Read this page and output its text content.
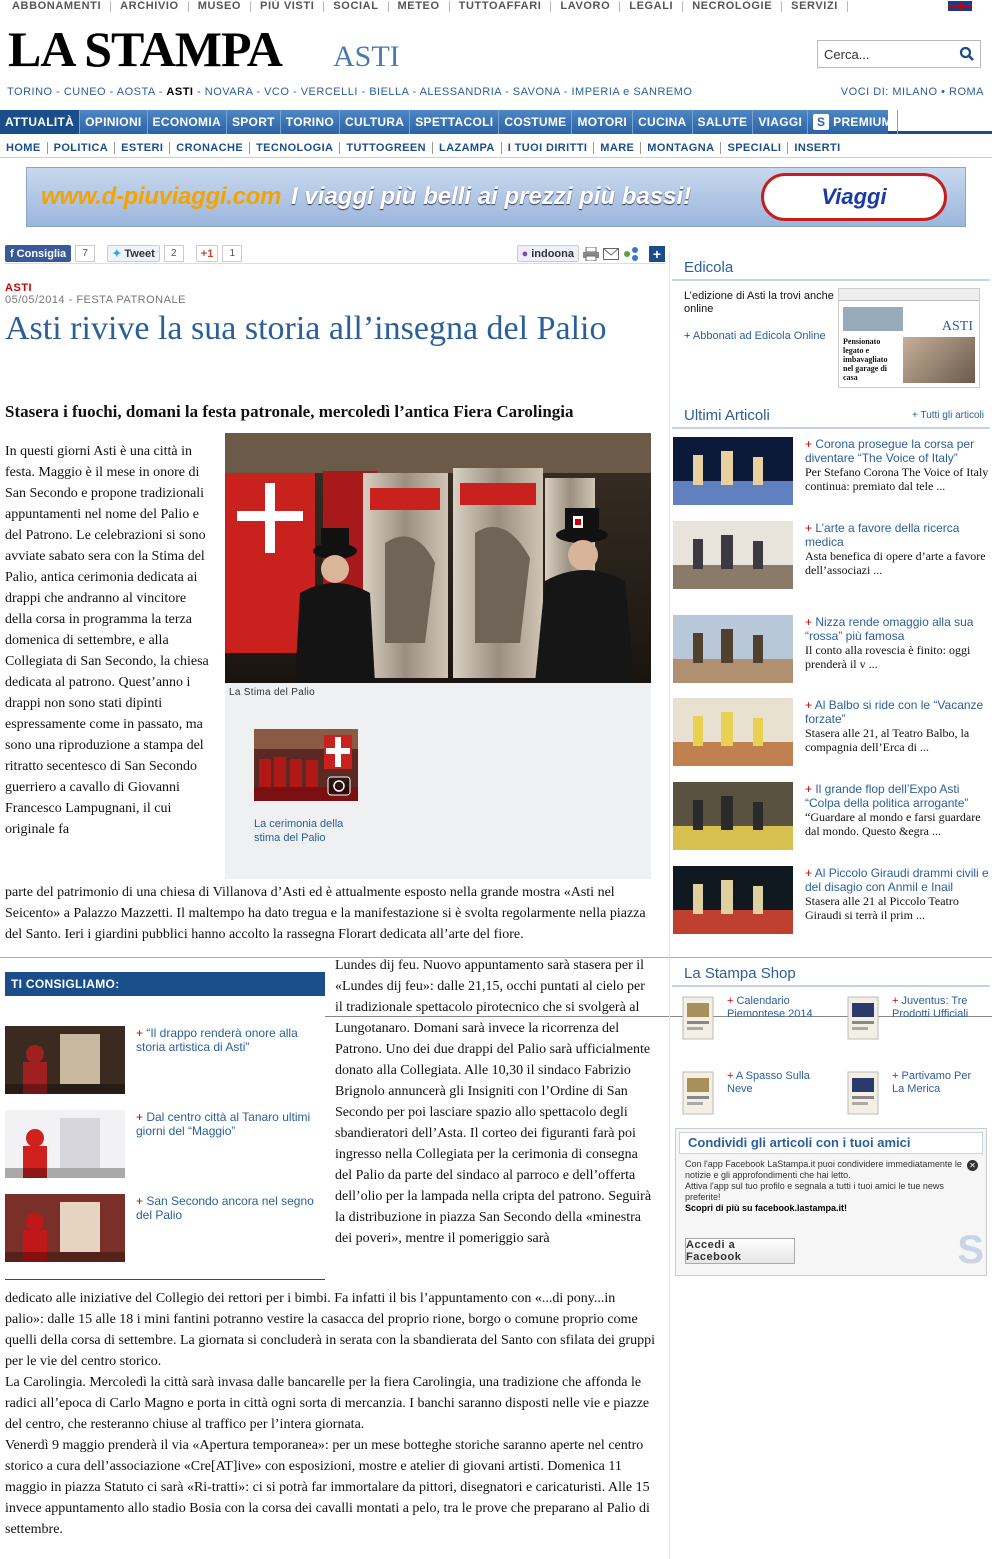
ABBONAMENTI	ARCHIVIO	MUSEO	PIÙ VISTI	SOCIAL	METEO	TUTTOAFFARI	LAVORO	LEGALI	NECROLOGIE	SERVIZI
LA STAMPA ASTI	Cerca...
TORINO - CUNEO - AOSTA - ASTI - NOVARA - VCO - VERCELLI - BIELLA - ALESSANDRIA - SAVONA - IMPERIA e SANREMO	VOCI DI: MILANO • ROMA
ATTUALITÀ OPINIONI ECONOMIA SPORT TORINO CULTURA SPETTACOLI COSTUME MOTORI CUCINA SALUTE VIAGGI	S PREMIUM
HOME	POLITICA	ESTERI	CRONACHE	TECNOLOGIA	TUTTOGREEN	LAZAMPA	I TUOI DIRITTI	MARE	MONTAGNA	SPECIALI	INSERTI
www.d-piuviaggi.com I viaggi più belli ai prezzi più bassi!	Viaggi
f Consiglia	7	✦ Tweet	2	+1	1	● indoona	+
ASTI
05/05/2014 - FESTA PATRONALE
Asti rivive la sua storia all’insegna del Palio
Stasera i fuochi, domani la festa patronale, mercoledì l’antica Fiera Carolingia
In questi giorni Asti è una città in festa. Maggio è il mese in onore di San Secondo e propone tradizionali appuntamenti nel nome del Palio e del Patrono. Le celebrazioni si sono avviate sabato sera con la Stima del Palio, antica cerimonia dedicata ai drappi che andranno al vincitore della corsa in programma la terza domenica di settembre, e alla Collegiata di San Secondo, la chiesa dedicata al patrono. Quest’anno i drappi non sono stati dipinti espressamente come in passato, ma sono una riproduzione a stampa del ritratto secentesco di San Secondo guerriero a cavallo di Giovanni Francesco Lampugnani, il cui originale fa
La Stima del Palio
La cerimonia della stima del Palio
parte del patrimonio di una chiesa di Villanova d’Asti ed è attualmente esposto nella grande mostra «Asti nel Seicento» a Palazzo Mazzetti. Il maltempo ha dato tregua e la manifestazione si è svolta regolarmente nella piazza del Santo. Ieri i giardini pubblici hanno accolto la rassegna Florart dedicata all’arte del fiore.
TI CONSIGLIAMO:
+ “Il drappo renderà onore alla storia artistica di Asti”
+ Dal centro città al Tanaro ultimi giorni del “Maggio”
+ San Secondo ancora nel segno del Palio
Lundes dij feu. Nuovo appuntamento sarà stasera per il «Lundes dij feu»: dalle 21,15, occhi puntati al cielo per il tradizionale spettacolo pirotecnico che si svolgerà al Lungotanaro. Domani sarà invece la ricorrenza del Patrono. Uno dei due drappi del Palio sarà ufficialmente donato alla Collegiata. Alle 10,30 il sindaco Fabrizio Brignolo annuncerà gli Insigniti con l’Ordine di San Secondo per poi lasciare spazio allo spettacolo degli sbandieratori dell’Asta. Il corteo dei figuranti farà poi ingresso nella Collegiata per la cerimonia di consegna del Palio da parte del sindaco al parroco e dell’offerta dell’olio per la lampada nella cripta del patrono. Seguirà la distribuzione in piazza San Secondo della «minestra dei poveri», mentre il pomeriggio sarà
dedicato alle iniziative del Collegio dei rettori per i bimbi. Fa infatti il bis l’appuntamento con «...di pony...in palio»: dalle 15 alle 18 i mini fantini potranno vestire la casacca del proprio rione, borgo o comune proprio come quelli della corsa di settembre. La giornata si concluderà in serata con la sbandierata del Santo con sfilata dei gruppi per le vie del centro storico.
La Carolingia. Mercoledì la città sarà invasa dalle bancarelle per la fiera Carolingia, una tradizione che affonda le radici all’epoca di Carlo Magno e porta in città ogni sorta di mercanzia. I banchi saranno disposti nelle vie e piazze del centro, che resteranno chiuse al traffico per l’intera giornata.
Venerdì 9 maggio prenderà il via «Apertura temporanea»: per un mese botteghe storiche saranno aperte nel centro storico a cura dell’associazione «Cre[AT]ive» con esposizioni, mostre e atelier di giovani artisti. Domenica 11 maggio in piazza Statuto ci sarà «Ri-tratti»: ci si potrà far immortalare da pittori, disegnatori e caricaturisti. Alle 15 invece appuntamento allo stadio Bosia con la corsa dei cavalli montati a pelo, tra le prove che preparano al Palio di settembre.
Edicola
L’edizione di Asti la trovi anche online
+ Abbonati ad Edicola Online
ASTI
Pensionato legato e imbavagliato nel garage di casa
Ultimi Articoli	+ Tutti gli articoli
+ Corona prosegue la corsa per diventare “The Voice of Italy”
Per Stefano Corona The Voice of Italy continua: premiato dal tele ...
+ L’arte a favore della ricerca medica
Asta benefica di opere d’arte a favore dell’associazi ...
+ Nizza rende omaggio alla sua “rossa” più famosa
Il conto alla rovescia è finito: oggi prenderà il v ...
+ Al Balbo si ride con le “Vacanze forzate”
Stasera alle 21, al Teatro Balbo, la compagnia dell’Erca di ...
+ Il grande flop dell’Expo Asti “Colpa della politica arrogante”
“Guardare al mondo e farsi guardare dal mondo. Questo &egra ...
+ Al Piccolo Giraudi drammi civili e del disagio con Anmil e Inail
Stasera alle 21 al Piccolo Teatro Giraudi si terrà il prim ...
La Stampa Shop
+ Calendario Piemontese 2014
+ Juventus: Tre Prodotti Ufficiali
+ A Spasso Sulla Neve
+ Partivamo Per La Merica
Condividi gli articoli con i tuoi amici
✕
Con l'app Facebook LaStampa.it puoi condividere immediatamente le notizie e gli approfondimenti che hai letto.
Attiva l'app sul tuo profilo e segnala a tutti i tuoi amici le tue news preferite!
Scopri di più su facebook.lastampa.it!
Accedi a Facebook	S
